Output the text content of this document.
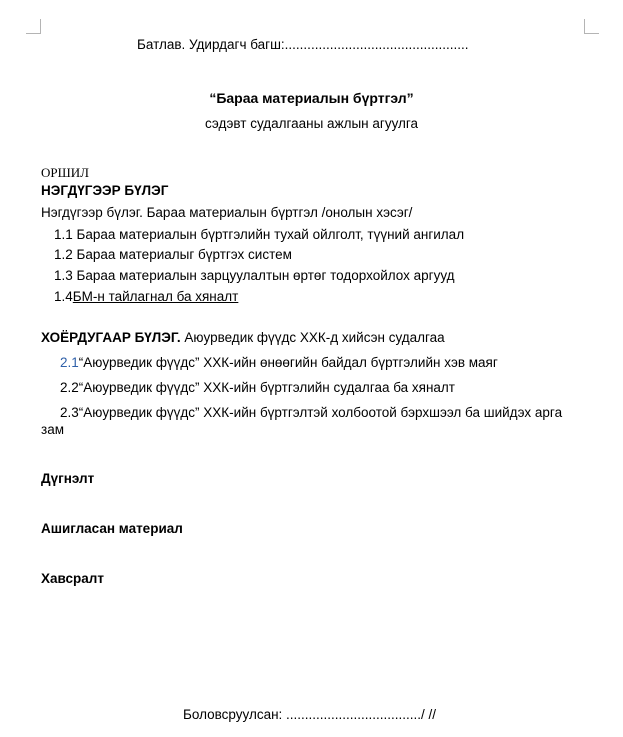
Батлав. Удирдагч багш:.................................................
“Бараа материалын бүртгэл”
сэдэвт судалгааны ажлын агуулга
ОРШИЛ
НЭГДҮГЭЭР БҮЛЭГ
Нэгдүгээр бүлэг. Бараа материалын бүртгэл /онолын хэсэг/
1.1 Бараа материалын бүртгэлийн тухай ойлголт, түүний ангилал
1.2 Бараа материалыг бүртгэх систем
1.3 Бараа материалын зарцуулалтын өртөг тодорхойлох аргууд
1.4БМ-н тайлагнал ба хяналт
ХОЁРДУГААР БҮЛЭГ. Аюурведик фүүдс ХХК-д хийсэн судалгаа
2.1“Аюурведик фүүдс” ХХК-ийн өнөөгийн байдал бүртгэлийн хэв маяг
2.2“Аюурведик фүүдс” ХХК-ийн бүртгэлийн судалгаа ба хяналт
2.3“Аюурведик фүүдс” ХХК-ийн бүртгэлтэй холбоотой бэрхшээл ба шийдэх арга
зам
Дүгнэлт
Ашигласан материал
Хавсралт
Боловсруулсан: ..................................../ //
